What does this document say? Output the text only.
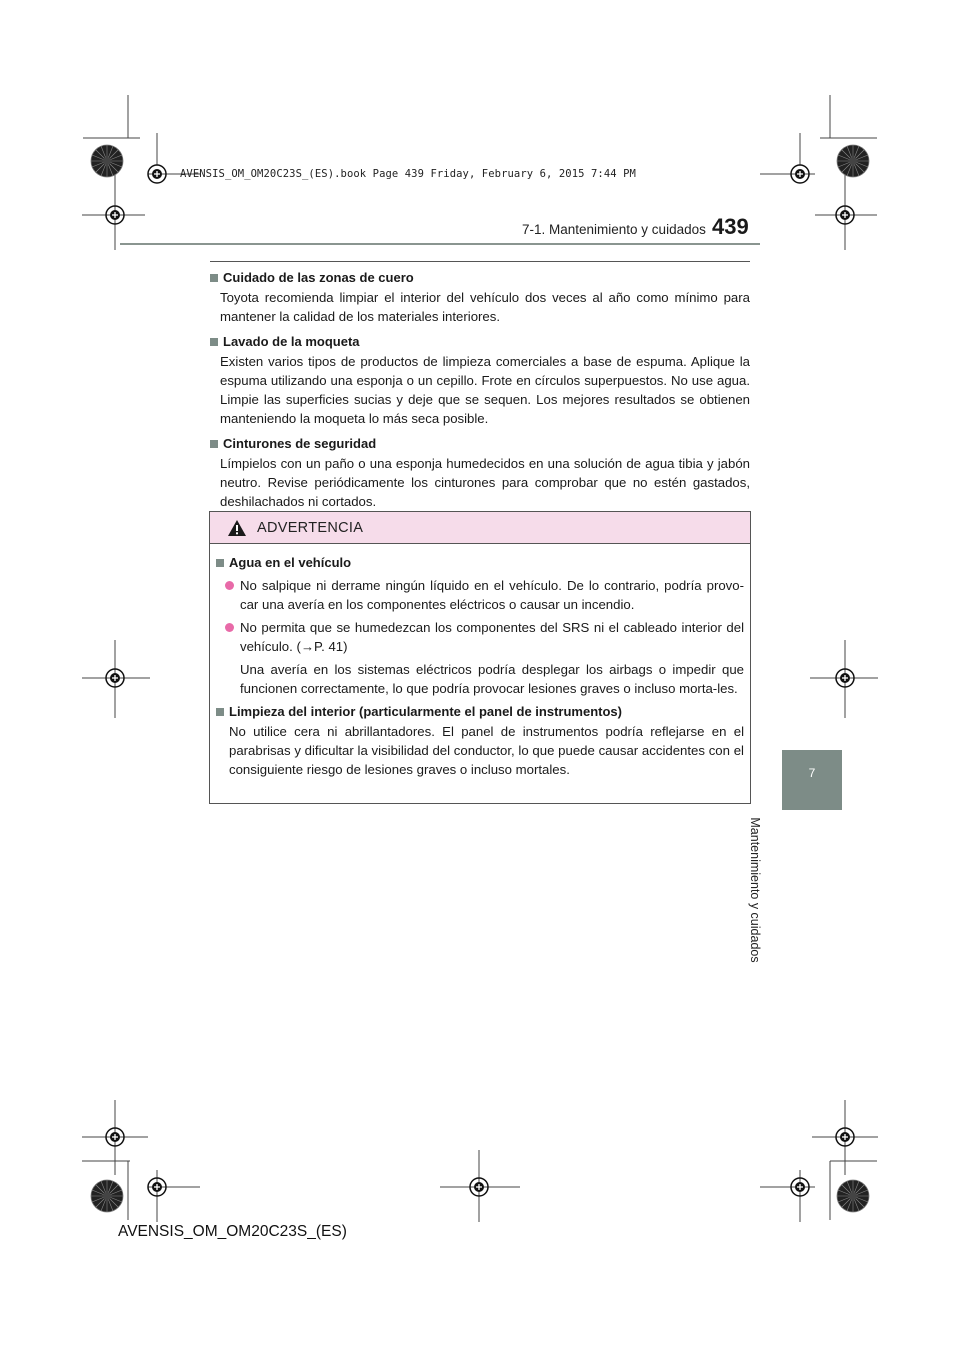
AVENSIS_OM_OM20C23S_(ES).book Page 439 Friday, February 6, 2015 7:44 PM
7-1. Mantenimiento y cuidados 439
7
Mantenimiento y cuidados
Cuidado de las zonas de cuero
Toyota recomienda limpiar el interior del vehículo dos veces al año como mínimo para mantener la calidad de los materiales interiores.
Lavado de la moqueta
Existen varios tipos de productos de limpieza comerciales a base de espuma. Aplique la espuma utilizando una esponja o un cepillo. Frote en círculos superpuestos. No use agua. Limpie las superficies sucias y deje que se sequen. Los mejores resultados se obtienen manteniendo la moqueta lo más seca posible.
Cinturones de seguridad
Límpielos con un paño o una esponja humedecidos en una solución de agua tibia y jabón neutro. Revise periódicamente los cinturones para comprobar que no estén gastados, deshilachados ni cortados.
ADVERTENCIA
Agua en el vehículo
No salpique ni derrame ningún líquido en el vehículo. De lo contrario, podría provo-car una avería en los componentes eléctricos o causar un incendio.
No permita que se humedezcan los componentes del SRS ni el cableado interior del vehículo. (→P. 41)
Una avería en los sistemas eléctricos podría desplegar los airbags o impedir que funcionen correctamente, lo que podría provocar lesiones graves o incluso morta-les.
Limpieza del interior (particularmente el panel de instrumentos)
No utilice cera ni abrillantadores. El panel de instrumentos podría reflejarse en el parabrisas y dificultar la visibilidad del conductor, lo que puede causar accidentes con el consiguiente riesgo de lesiones graves o incluso mortales.
AVENSIS_OM_OM20C23S_(ES)
